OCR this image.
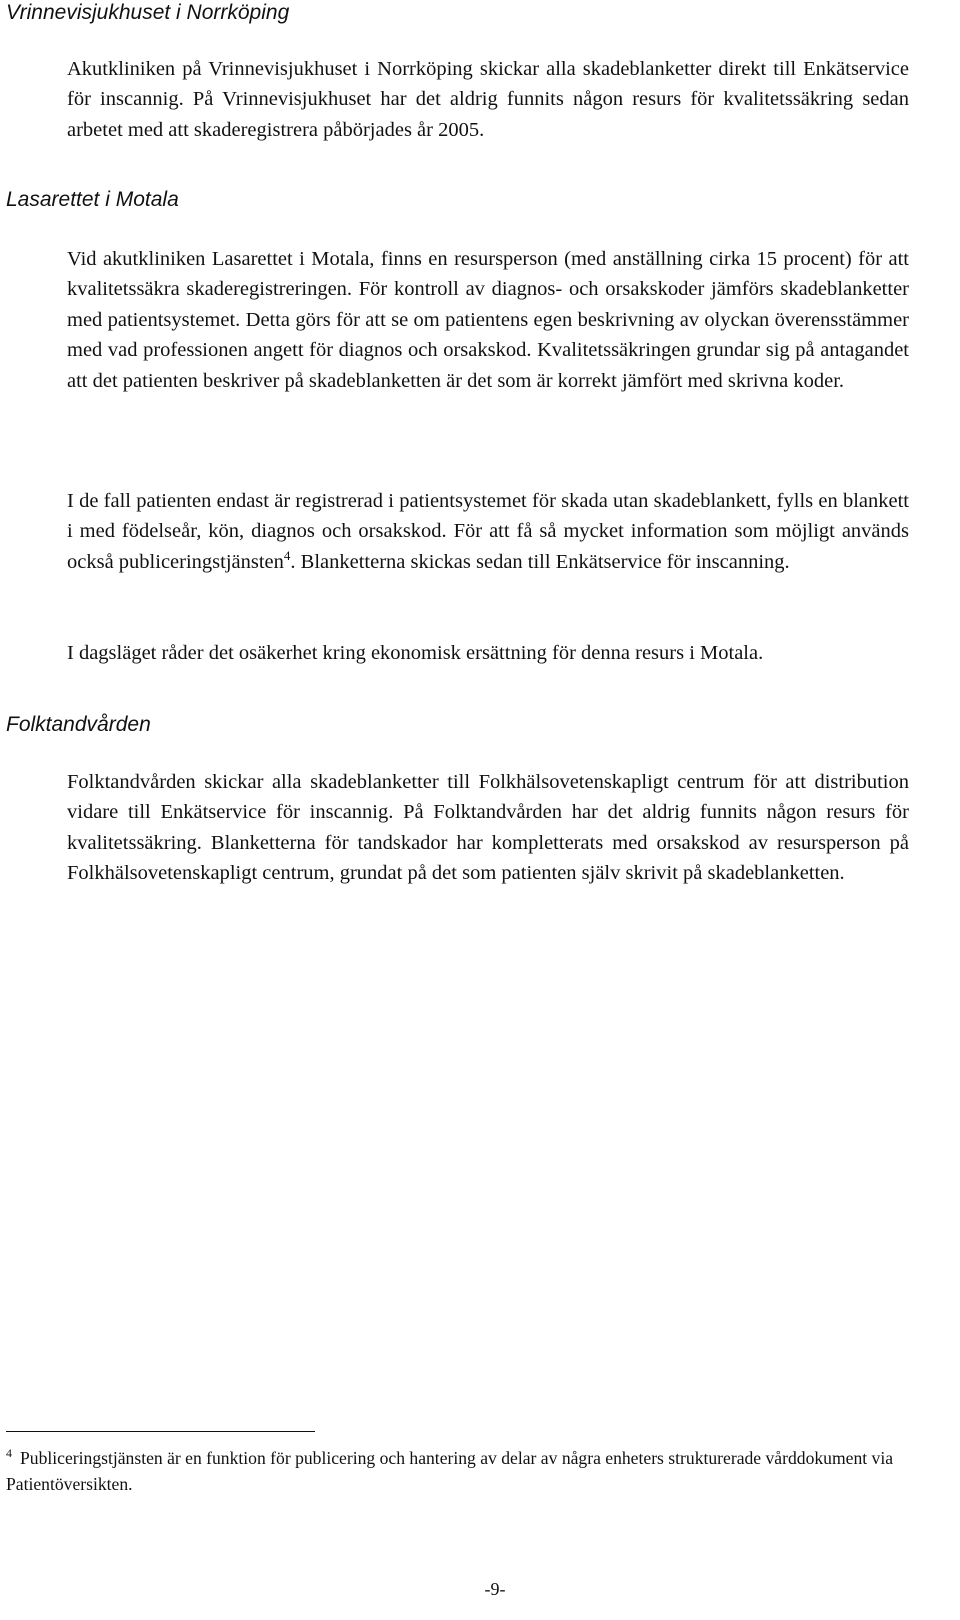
Vrinnevisjukhuset i Norrköping

Akutkliniken på Vrinnevisjukhuset i Norrköping skickar alla skadeblanketter direkt till Enkätservice för inscannig. På Vrinnevisjukhuset har det aldrig funnits någon resurs för kvalitetssäkring sedan arbetet med att skaderegistrera påbörjades år 2005.

Lasarettet i Motala

Vid akutkliniken Lasarettet i Motala, finns en resursperson (med anställning cirka 15 procent) för att kvalitetssäkra skaderegistreringen. För kontroll av diagnos- och orsakskoder jämförs skadeblanketter med patientsystemet. Detta görs för att se om patientens egen beskrivning av olyckan överensstämmer med vad professionen angett för diagnos och orsakskod. Kvalitetssäkringen grundar sig på antagandet att det patienten beskriver på skadeblanketten är det som är korrekt jämfört med skrivna koder.

I de fall patienten endast är registrerad i patientsystemet för skada utan skadeblankett, fylls en blankett i med födelseår, kön, diagnos och orsakskod. För att få så mycket information som möjligt används också publiceringstjänsten$^4$. Blanketterna skickas sedan till Enkätservice för inscanning.

I dagsläget råder det osäkerhet kring ekonomisk ersättning för denna resurs i Motala.

Folktandvården

Folktandvården skickar alla skadeblanketter till Folkhälsovetenskapligt centrum för att distribution vidare till Enkätservice för inscannig. På Folktandvården har det aldrig funnits någon resurs för kvalitetssäkring. Blanketterna för tandskador har kompletterats med orsakskod av resursperson på Folkhälsovetenskapligt centrum, grundat på det som patienten själv skrivit på skadeblanketten.

$^4$ Publiceringstjänsten är en funktion för publicering och hantering av delar av några enheters strukturerade vårddokument via Patientöversikten.

-9-
